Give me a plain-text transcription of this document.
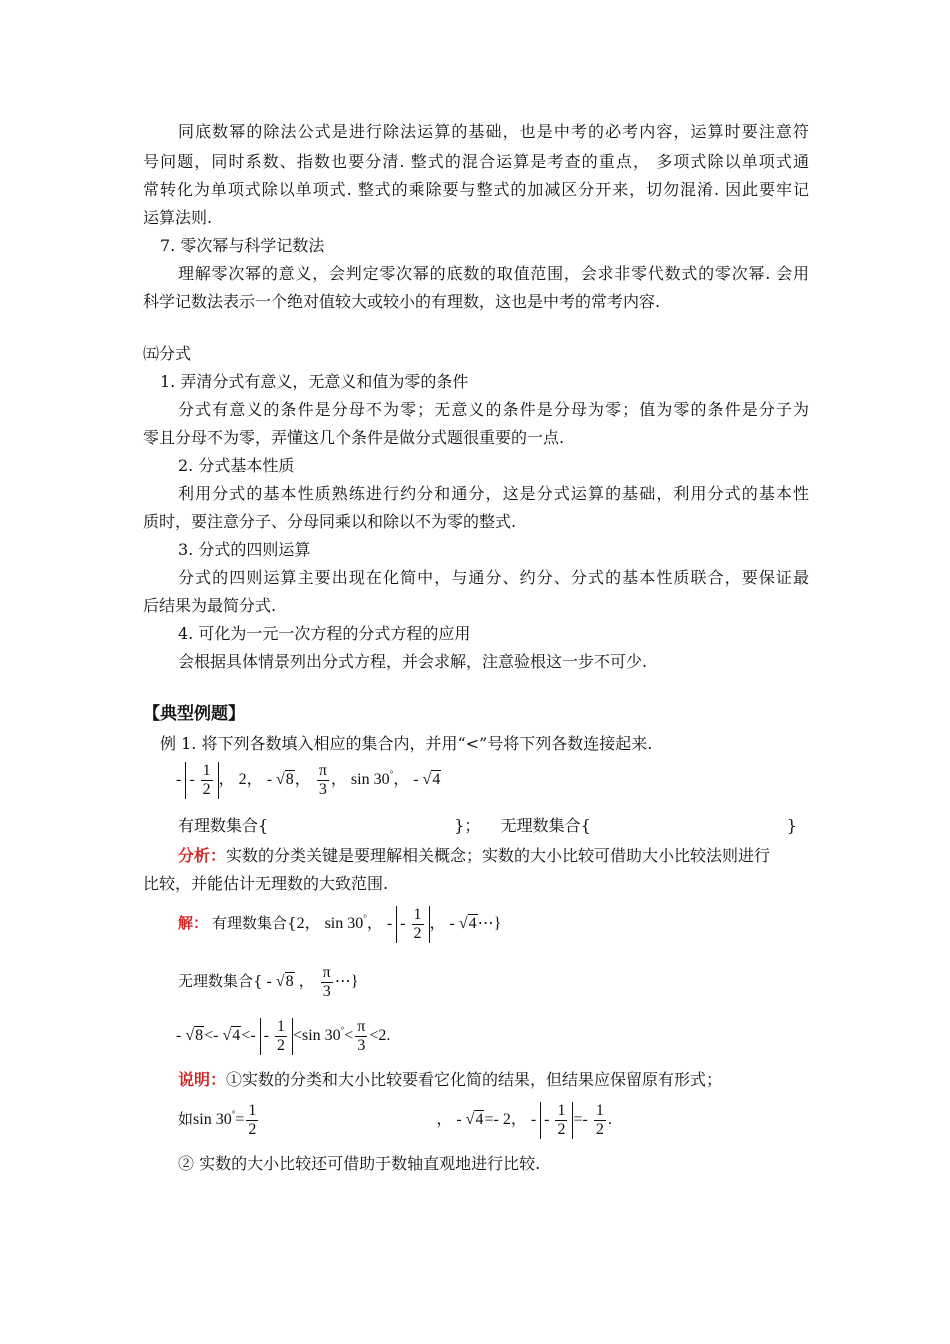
同底数幂的除法公式是进行除法运算的基础，也是中考的必考内容，运算时要注意符
号问题，同时系数、指数也要分清. 整式的混合运算是考查的重点， 多项式除以单项式通
常转化为单项式除以单项式. 整式的乘除要与整式的加减区分开来，切勿混淆. 因此要牢记
运算法则.
7. 零次幂与科学记数法
理解零次幂的意义，会判定零次幂的底数的取值范围，会求非零代数式的零次幂. 会用
科学记数法表示一个绝对值较大或较小的有理数，这也是中考的常考内容.
㈤分式
1. 弄清分式有意义，无意义和值为零的条件
分式有意义的条件是分母不为零；无意义的条件是分母为零；值为零的条件是分子为
零且分母不为零，弄懂这几个条件是做分式题很重要的一点.
2. 分式基本性质
利用分式的基本性质熟练进行约分和通分，这是分式运算的基础，利用分式的基本性
质时，要注意分子、分母同乘以和除以不为零的整式.
3. 分式的四则运算
分式的四则运算主要出现在化简中，与通分、约分、分式的基本性质联合，要保证最
后结果为最简分式.
4. 可化为一元一次方程的分式方程的应用
会根据具体情景列出分式方程，并会求解，注意验根这一步不可少.
【典型例题】
例 1. 将下列各数填入相应的集合内，并用“<”号将下列各数连接起来.
- - $\frac{1}{2}$ ， 2， - √8， $\frac{\pi}{3}$ ， sin 30°， - √4
有理数集合{	}； 无理数集合{	}
分析：实数的分类关键是要理解相关概念；实数的大小比较可借助大小比较法则进行
比较，并能估计无理数的大致范围.
解： 有理数集合{2， sin 30°， - - $\frac{1}{2}$ ， - √4⋯}
无理数集合{ - √8 ， $\frac{\pi}{3}$ ⋯}
- √8<- $√4<- - \frac{1}{2} <\sin$ $30^\circ< \frac{\pi}{3} <2$.
说明：①实数的分类和大小比较要看它化简的结果，但结果应保留原有形式；
如$\sin 30^\circ= \frac{1}{2}$	， - √4=- 2， - - $\frac{1}{2} =- \frac{1}{2}$ .
② 实数的大小比较还可借助于数轴直观地进行比较.
